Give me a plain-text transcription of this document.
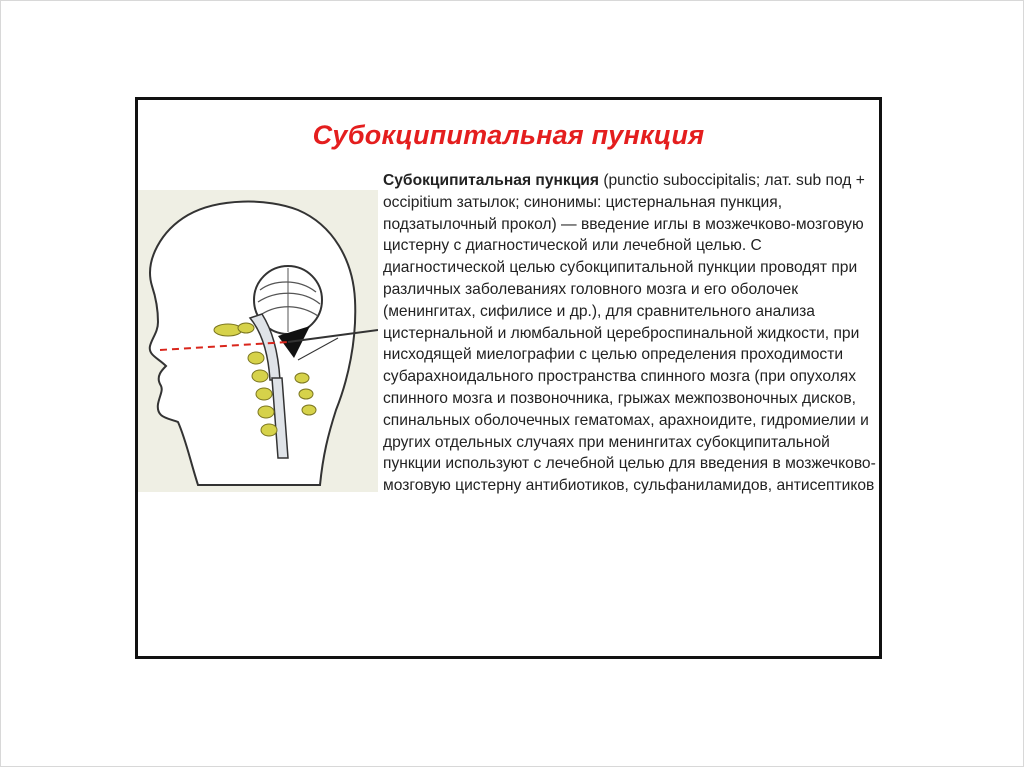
Субокципитальная пункция

Субокципитальная пункция (punctio suboccipitalis; лат. sub под + occipitium затылок; синонимы: цистернальная пункция, подзатылочный прокол) — введение иглы в мозжечково-мозговую цистерну с диагностической или лечебной целью. С диагностической целью субокципитальной пункции проводят при различных заболеваниях головного мозга и его оболочек (менингитах, сифилисе и др.), для сравнительного анализа цистернальной и люмбальной цереброспинальной жидкости, при нисходящей миелографии с целью определения проходимости субарахноидального пространства спинного мозга (при опухолях спинного мозга и позвоночника, грыжах межпозвоночных дисков, спинальных оболочечных гематомах, арахноидите, гидромиелии и других отдельных случаях при менингитах субокципитальной пункции используют с лечебной целью для введения в мозжечково-мозговую цистерну антибиотиков, сульфаниламидов, антисептиков
